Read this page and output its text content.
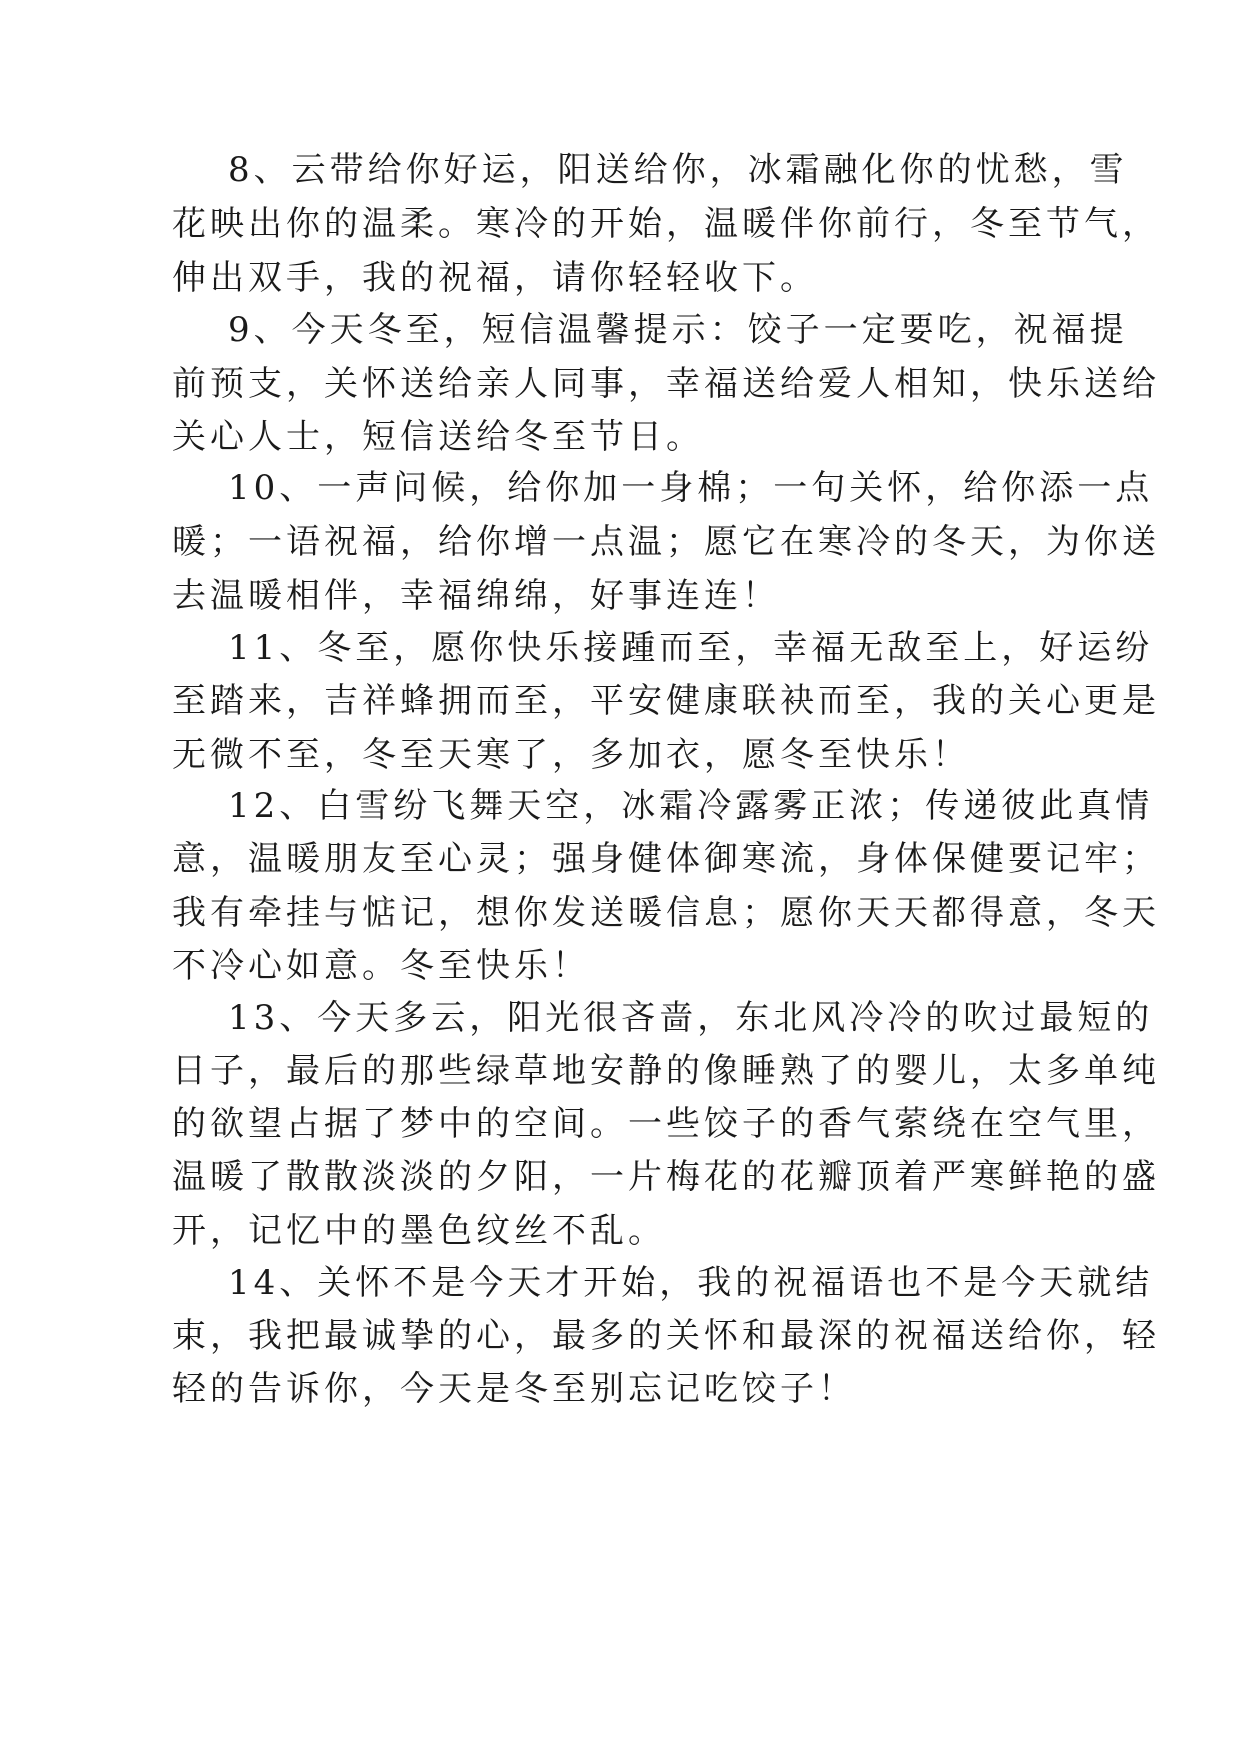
8、云带给你好运，阳送给你，冰霜融化你的忧愁，雪
花映出你的温柔。寒冷的开始，温暖伴你前行，冬至节气，
伸出双手，我的祝福，请你轻轻收下。
9、今天冬至，短信温馨提示：饺子一定要吃，祝福提
前预支，关怀送给亲人同事，幸福送给爱人相知，快乐送给
关心人士，短信送给冬至节日。
10、一声问候，给你加一身棉；一句关怀，给你添一点
暖；一语祝福，给你增一点温；愿它在寒冷的冬天，为你送
去温暖相伴，幸福绵绵，好事连连！
11、冬至，愿你快乐接踵而至，幸福无敌至上，好运纷
至踏来，吉祥蜂拥而至，平安健康联袂而至，我的关心更是
无微不至，冬至天寒了，多加衣，愿冬至快乐！
12、白雪纷飞舞天空，冰霜冷露雾正浓；传递彼此真情
意，温暖朋友至心灵；强身健体御寒流，身体保健要记牢；
我有牵挂与惦记，想你发送暖信息；愿你天天都得意，冬天
不冷心如意。冬至快乐！
13、今天多云，阳光很吝啬，东北风冷冷的吹过最短的
日子，最后的那些绿草地安静的像睡熟了的婴儿，太多单纯
的欲望占据了梦中的空间。一些饺子的香气萦绕在空气里，
温暖了散散淡淡的夕阳，一片梅花的花瓣顶着严寒鲜艳的盛
开，记忆中的墨色纹丝不乱。
14、关怀不是今天才开始，我的祝福语也不是今天就结
束，我把最诚挚的心，最多的关怀和最深的祝福送给你，轻
轻的告诉你，今天是冬至别忘记吃饺子！
